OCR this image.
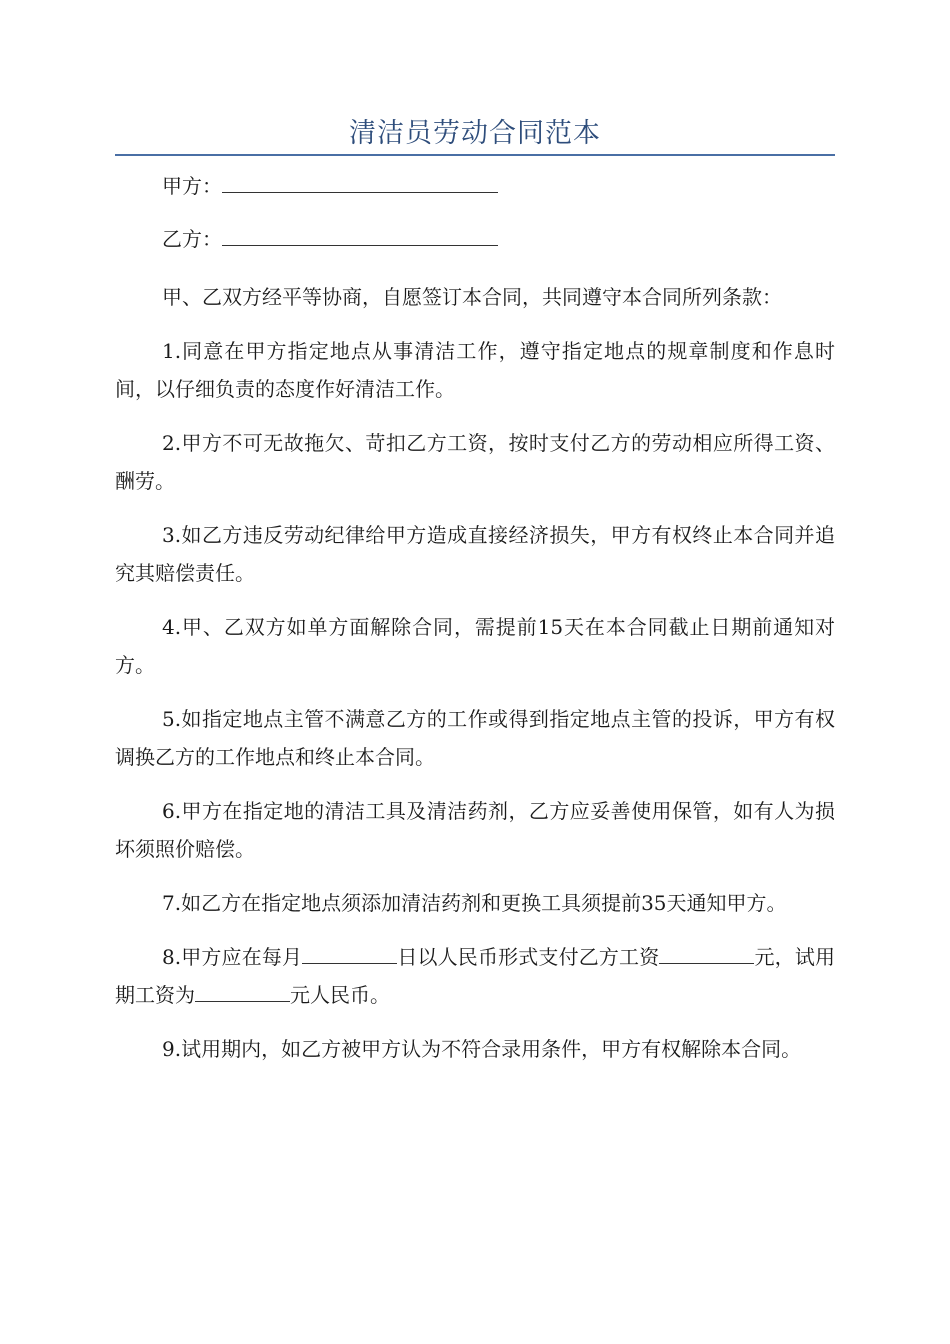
清洁员劳动合同范本

甲方：

乙方：

甲、乙双方经平等协商，自愿签订本合同，共同遵守本合同所列条款：

1.同意在甲方指定地点从事清洁工作，遵守指定地点的规章制度和作息时间，以仔细负责的态度作好清洁工作。

2.甲方不可无故拖欠、苛扣乙方工资，按时支付乙方的劳动相应所得工资、酬劳。

3.如乙方违反劳动纪律给甲方造成直接经济损失，甲方有权终止本合同并追究其赔偿责任。

4.甲、乙双方如单方面解除合同，需提前15天在本合同截止日期前通知对方。

5.如指定地点主管不满意乙方的工作或得到指定地点主管的投诉，甲方有权调换乙方的工作地点和终止本合同。

6.甲方在指定地的清洁工具及清洁药剂，乙方应妥善使用保管，如有人为损坏须照价赔偿。

7.如乙方在指定地点须添加清洁药剂和更换工具须提前35天通知甲方。

8.甲方应在每月	日以人民币形式支付乙方工资	元，试用期工资为	元人民币。

9.试用期内，如乙方被甲方认为不符合录用条件，甲方有权解除本合同。
